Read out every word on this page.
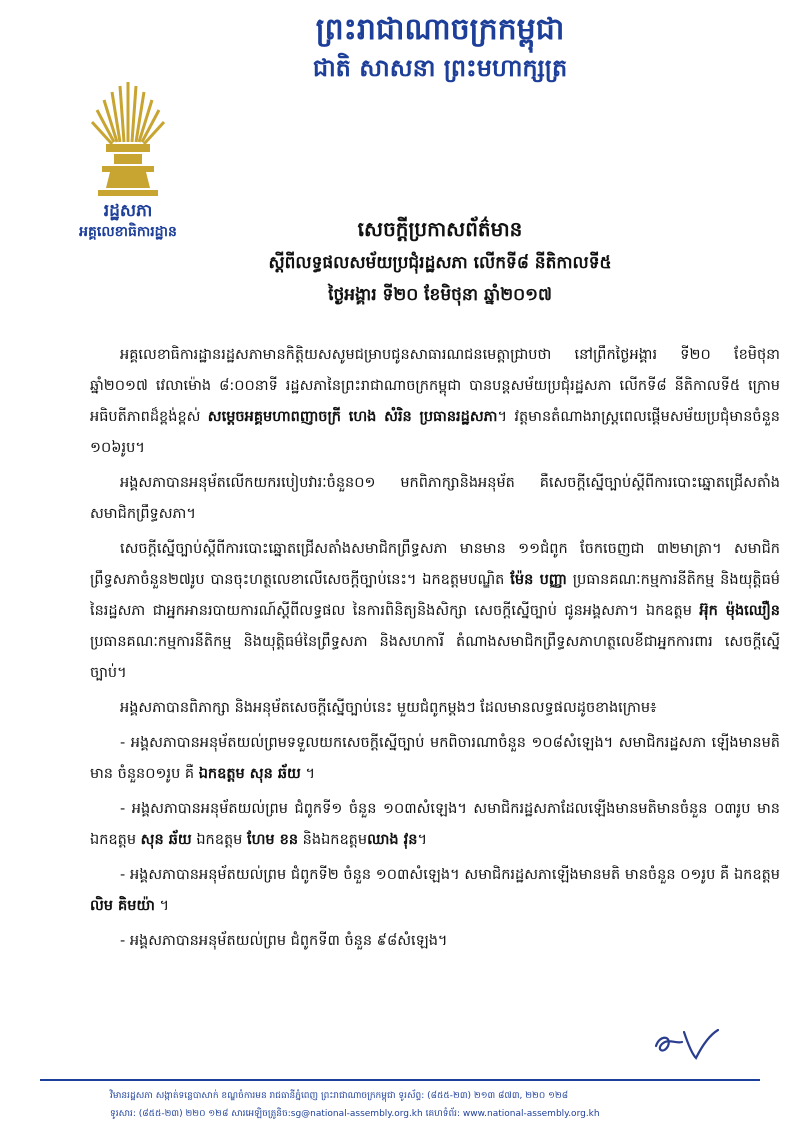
ព្រះរាជាណាចក្រកម្ពុជា
ជាតិ សាសនា ព្រះមហាក្សត្រ
រដ្ឋសភា
អគ្គលេខាធិការដ្ឋាន	សេចក្ដីប្រកាសព័ត៌មាន
ស្ដីពីលទ្ធផលសម័យប្រជុំរដ្ឋសភា លើកទី៨ នីតិកាលទី៥
ថ្ងៃអង្គារ ទី២០ ខែមិថុនា ឆ្នាំ២០១៧

អគ្គលេខាធិការដ្ឋានរដ្ឋសភាមានកិត្តិយសសូមជម្រាបជូនសាធារណជនមេត្តាជ្រាបថា នៅព្រឹកថ្ងៃអង្គារ ទី២០ ខែមិថុនា ឆ្នាំ២០១៧ វេលាម៉ោង ៨:០០នាទី រដ្ឋសភានៃព្រះរាជាណាចក្រកម្ពុជា បានបន្តសម័យប្រជុំរដ្ឋសភា លើកទី៨ នីតិកាលទី៥ ក្រោមអធិបតីភាពដ៏ខ្ពង់ខ្ពស់ សម្ដេចអគ្គមហាពញាចក្រី ហេង សំរិន ប្រធានរដ្ឋសភា។ វត្តមានតំណាងរាស្ត្រពេលផ្ដើមសម័យប្រជុំមានចំនួន ១០៦រូប។

អង្គសភាបានអនុម័តលើកយករបៀបវារៈចំនួន០១ មកពិភាក្សានិងអនុម័ត គឺសេចក្ដីស្នើច្បាប់ស្ដីពីការបោះឆ្នោតជ្រើសតាំងសមាជិកព្រឹទ្ធសភា។

សេចក្ដីស្នើច្បាប់ស្ដីពីការបោះឆ្នោតជ្រើសតាំងសមាជិកព្រឹទ្ធសភា មានមាន ១១ជំពូក ចែកចេញជា ៣២មាត្រា។ សមាជិកព្រឹទ្ធសភាចំនួន២៧រូប បានចុះហត្ថលេខាលើសេចក្ដីច្បាប់នេះ។ ឯកឧត្ដមបណ្ឌិត ម៉ែន បញ្ញា ប្រធានគណៈកម្មការនីតិកម្ម និងយុត្តិធម៌នៃរដ្ឋសភា ជាអ្នកអានរបាយការណ៍ស្ដីពីលទ្ធផល នៃការពិនិត្យនិងសិក្សា សេចក្ដីស្នើច្បាប់ ជូនអង្គសភា។ ឯកឧត្ដម អ៊ុក ម៉ុងឈឿន ប្រធានគណៈកម្មការនីតិកម្ម និងយុត្តិធម៌នៃព្រឹទ្ធសភា និងសហការី តំណាងសមាជិកព្រឹទ្ធសភាហត្ថលេខីជាអ្នកការពារ សេចក្ដីស្នើច្បាប់។

អង្គសភាបានពិភាក្សា និងអនុម័តសេចក្ដីស្នើច្បាប់នេះ មួយជំពូកម្ដងៗ ដែលមានលទ្ធផលដូចខាងក្រោម៖

- អង្គសភាបានអនុម័តយល់ព្រមទទួលយកសេចក្ដីស្នើច្បាប់ មកពិចារណាចំនួន ១០៨សំឡេង។ សមាជិករដ្ឋសភា ឡើងមានមតិមាន ចំនួន០១រូប គឺ ឯកឧត្ដម សុន ឆ័យ ។

- អង្គសភាបានអនុម័តយល់ព្រម ជំពូកទី១ ចំនួន ១០៣សំឡេង។ សមាជិករដ្ឋសភាដែលឡើងមានមតិមានចំនួន ០៣រូប មាន ឯកឧត្ដម សុន ឆ័យ ឯកឧត្ដម ហែម ខន និងឯកឧត្ដមឈាង វុន។

- អង្គសភាបានអនុម័តយល់ព្រម ជំពូកទី២ ចំនួន ១០៣សំឡេង។ សមាជិករដ្ឋសភាឡើងមានមតិ មានចំនួន ០១រូប គឺ ឯកឧត្ដម លិម គិមយ៉ា ។

- អង្គសភាបានអនុម័តយល់ព្រម ជំពូកទី៣ ចំនួន ៩៨សំឡេង។

វិមានរដ្ឋសភា សង្កាត់ទន្លេបាសាក់ ខណ្ឌចំការមន រាជធានីភ្នំពេញ ព្រះរាជាណាចក្រកម្ពុជា ទូរស័ព្ទ: (៨៥៥-២៣) ២១៣ ៨៧៣, ២២០ ១២៨
ទូរសារ: (៨៥៥-២៣) ២២០ ១២៨ សារអេឡិចត្រូនិច:sg@national-assembly.org.kh គេហទំព័រ: www.national-assembly.org.kh
